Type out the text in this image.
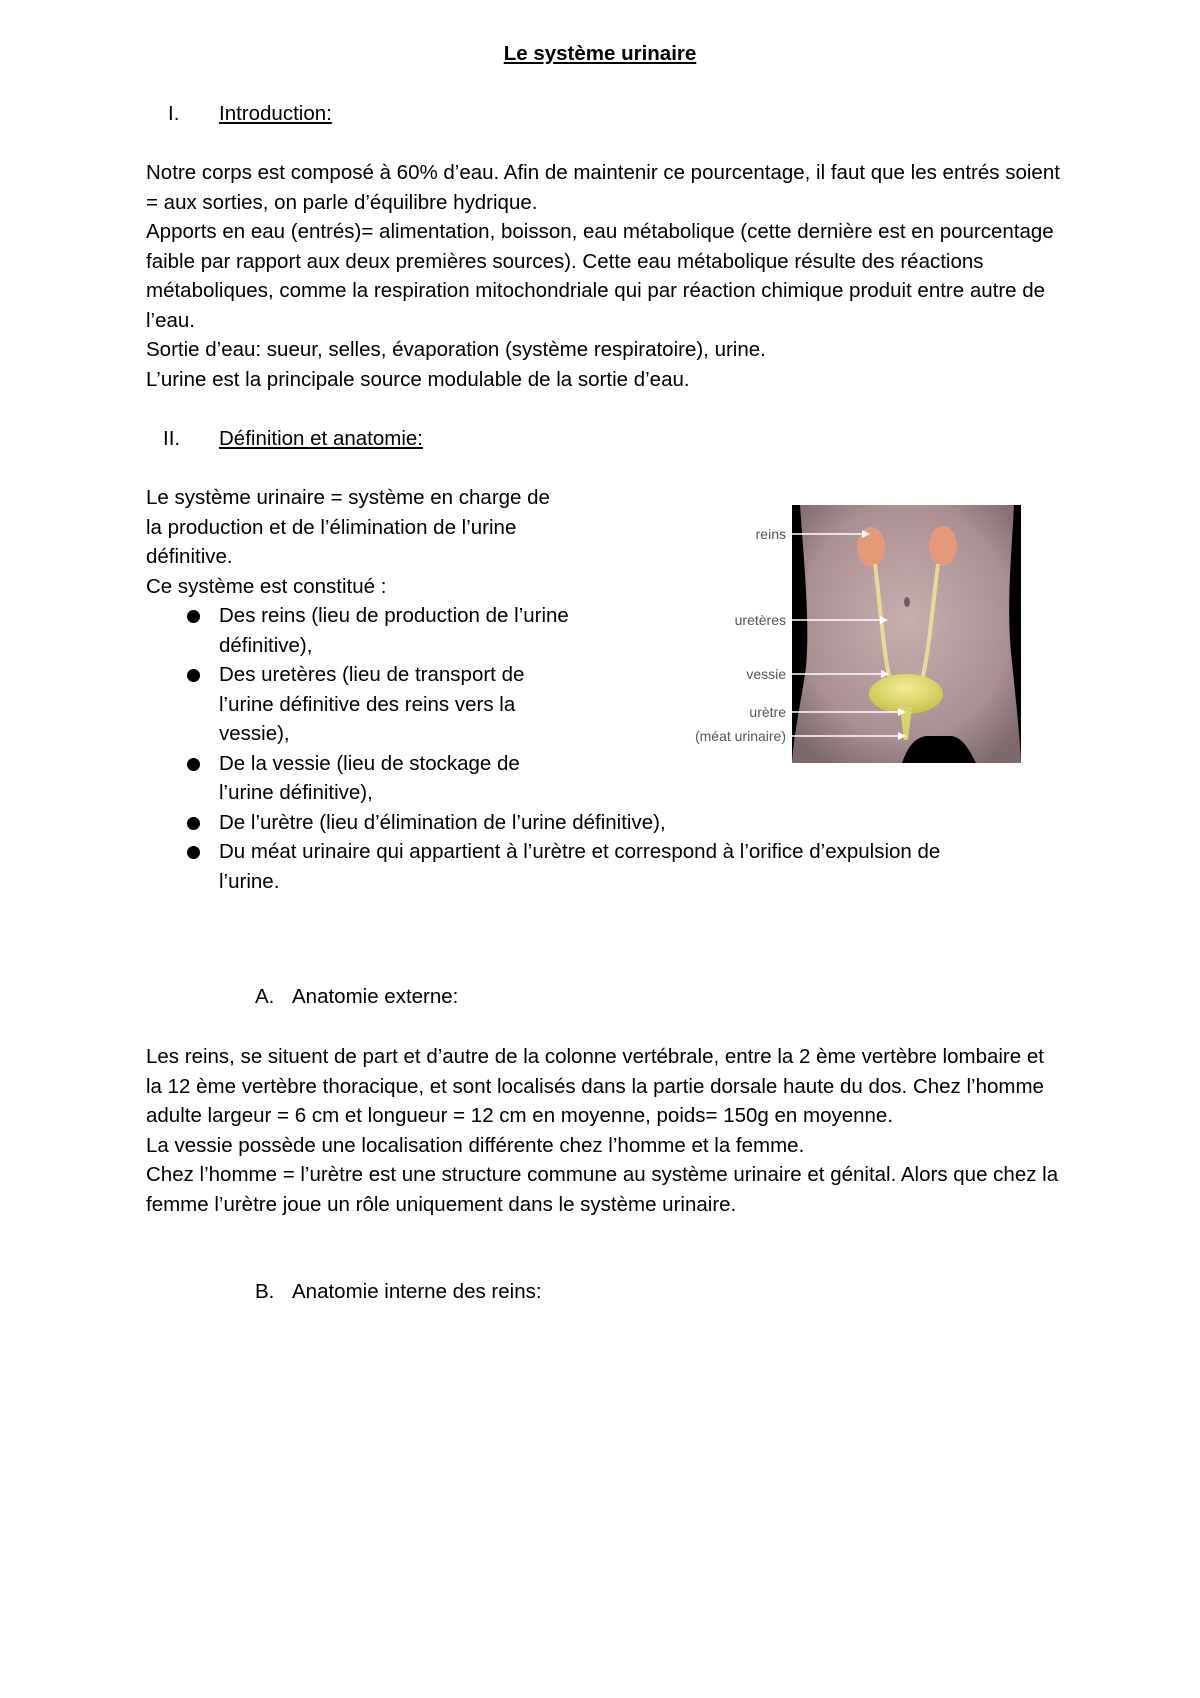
Le système urinaire
I. Introduction:

Notre corps est composé à 60% d’eau. Afin de maintenir ce pourcentage, il faut que les entrés soient = aux sorties, on parle d’équilibre hydrique.

Apports en eau (entrés)= alimentation, boisson, eau métabolique (cette dernière est en pourcentage faible par rapport aux deux premières sources). Cette eau métabolique résulte des réactions métaboliques, comme la respiration mitochondriale qui par réaction chimique produit entre autre de l’eau.

Sortie d’eau: sueur, selles, évaporation (système respiratoire), urine.

L’urine est la principale source modulable de la sortie d’eau.

II. Définition et anatomie:

Le système urinaire = système en charge de

la production et de l’élimination de l’urine

définitive.

Ce système est constitué :

Des reins (lieu de production de l’urine
définitive),
Des uretères (lieu de transport de
l’urine définitive des reins vers la
vessie),
De la vessie (lieu de stockage de
l’urine définitive),
De l’urètre (lieu d’élimination de l’urine définitive),
Du méat urinaire qui appartient à l’urètre et correspond à l’orifice d’expulsion de
l’urine.
reins
uretères
vessie
urètre
(méat urinaire)
A. Anatomie externe:

Les reins, se situent de part et d’autre de la colonne vertébrale, entre la 2 ème vertèbre lombaire et la 12 ème vertèbre thoracique, et sont localisés dans la partie dorsale haute du dos. Chez l’homme adulte largeur = 6 cm et longueur = 12 cm en moyenne, poids= 150g en moyenne.

La vessie possède une localisation différente chez l’homme et la femme.

Chez l’homme = l’urètre est une structure commune au système urinaire et génital. Alors que chez la femme l’urètre joue un rôle uniquement dans le système urinaire.

B. Anatomie interne des reins:
